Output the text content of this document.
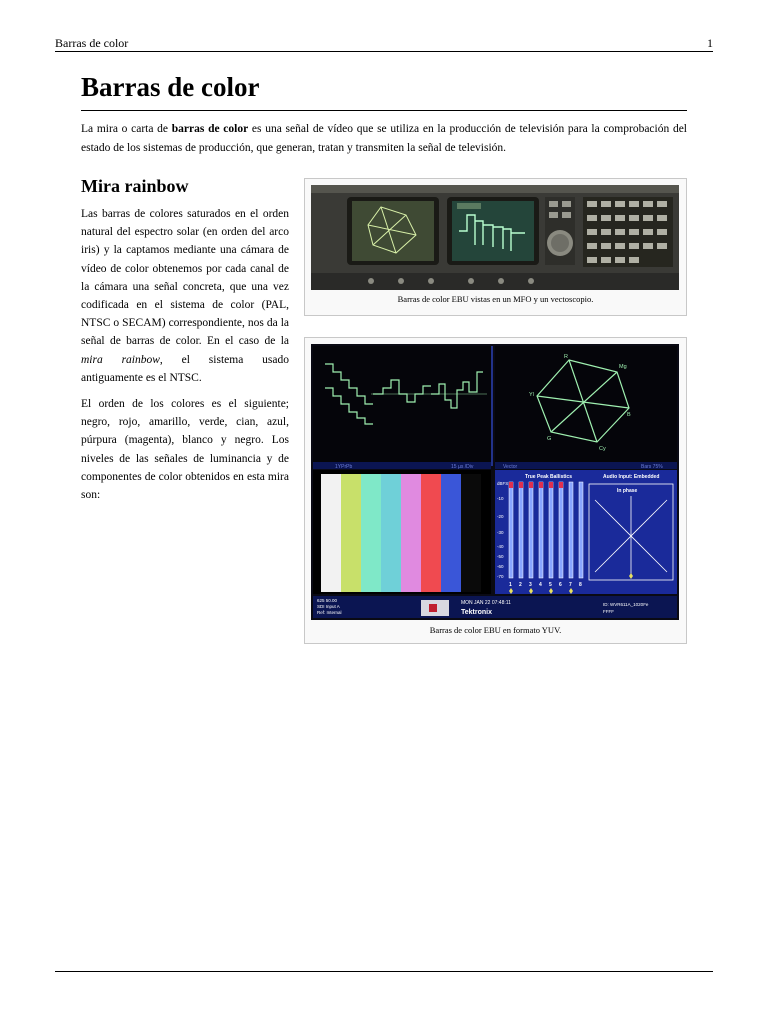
Barras de color	1
Barras de color

La mira o carta de barras de color es una señal de vídeo que se utiliza en la producción de televisión para la comprobación del estado de los sistemas de producción, que generan, tratan y transmiten la señal de televisión.

Mira rainbow

Las barras de colores saturados en el orden natural del espectro solar (en orden del arco iris) y la captamos mediante una cámara de vídeo de color obtenemos por cada canal de la cámara una señal concreta, que una vez codificada en el sistema de color (PAL, NTSC o SECAM) correspondiente, nos da la señal de barras de color. En el caso de la mira rainbow, el sistema usado antiguamente es el NTSC.

El orden de los colores es el siguiente; negro, rojo, amarillo, verde, cian, azul, púrpura (magenta), blanco y negro. Los niveles de las señales de luminancia y de componentes de color obtenidos en esta mira son:

Barras de color EBU vistas en un MFO y un vectoscopio.
1YPrPb	15 µs /Div
R
Mg
B
Cy
G
Yl
Vector	Bars 75%
True Peak Ballistics	Audio Input: Embedded
dBFS
-10
-20
-30
-40
-50
-60
-70
1 2 3 4 5 6 7 8
In phase
625 50.00
SDI Input A
Ref: Internal
MON JAN 22 07:48:11
Tektronix
ID: WVR611A_1020Fe
FFFF
Barras de color EBU en formato YUV.
